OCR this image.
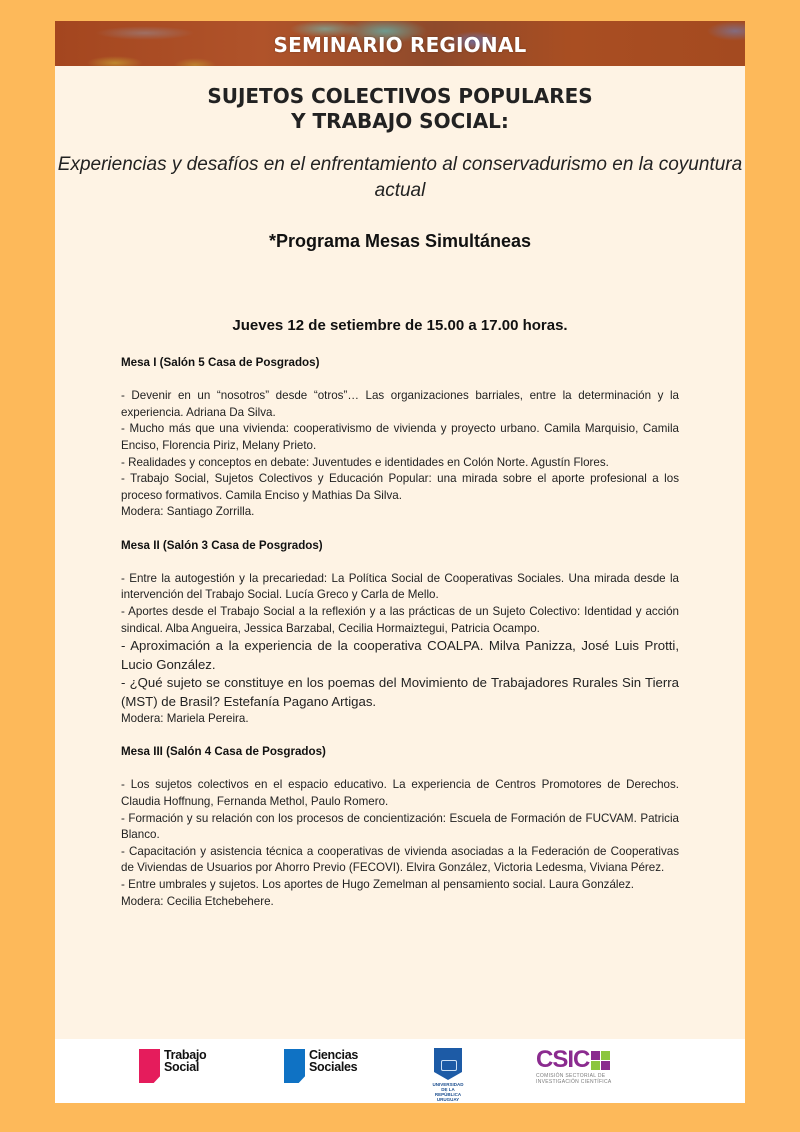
SEMINARIO REGIONAL
SUJETOS COLECTIVOS POPULARES
Y TRABAJO SOCIAL:
Experiencias y desafíos en el enfrentamiento al conservadurismo en la coyuntura
actual
*Programa Mesas Simultáneas
Jueves 12 de setiembre de 15.00 a 17.00 horas.

Mesa I (Salón 5 Casa de Posgrados)

- Devenir en un “nosotros” desde “otros”… Las organizaciones barriales, entre la determinación y la experiencia. Adriana Da Silva.

- Mucho más que una vivienda: cooperativismo de vivienda y proyecto urbano. Camila Marquisio, Camila Enciso, Florencia Piriz, Melany Prieto.

- Realidades y conceptos en debate: Juventudes e identidades en Colón Norte. Agustín Flores.

- Trabajo Social, Sujetos Colectivos y Educación Popular: una mirada sobre el aporte profesional a los proceso formativos. Camila Enciso y Mathias Da Silva.

Modera: Santiago Zorrilla.

Mesa II (Salón 3 Casa de Posgrados)

- Entre la autogestión y la precariedad: La Política Social de Cooperativas Sociales. Una mirada desde la intervención del Trabajo Social. Lucía Greco y Carla de Mello.

- Aportes desde el Trabajo Social a la reflexión y a las prácticas de un Sujeto Colectivo: Identidad y acción sindical. Alba Angueira, Jessica Barzabal, Cecilia Hormaiztegui, Patricia Ocampo.

- Aproximación a la experiencia de la cooperativa COALPA. Milva Panizza, José Luis Protti, Lucio González.

- ¿Qué sujeto se constituye en los poemas del Movimiento de Trabajadores Rurales Sin Tierra (MST) de Brasil? Estefanía Pagano Artigas.

Modera: Mariela Pereira.

Mesa III (Salón 4 Casa de Posgrados)

- Los sujetos colectivos en el espacio educativo. La experiencia de Centros Promotores de Derechos. Claudia Hoffnung, Fernanda Methol, Paulo Romero.

- Formación y su relación con los procesos de concientización: Escuela de Formación de FUCVAM. Patricia Blanco.

- Capacitación y asistencia técnica a cooperativas de vivienda asociadas a la Federación de Cooperativas de Viviendas de Usuarios por Ahorro Previo (FECOVI). Elvira González, Victoria Ledesma, Viviana Pérez.

- Entre umbrales y sujetos. Los aportes de Hugo Zemelman al pensamiento social. Laura González.

Modera: Cecilia Etchebehere.

Trabajo
Social
Ciencias
Sociales
UNIVERSIDAD
DE LA REPÚBLICA
URUGUAY
CSIC
COMISIÓN SECTORIAL DE
INVESTIGACIÓN CIENTÍFICA
